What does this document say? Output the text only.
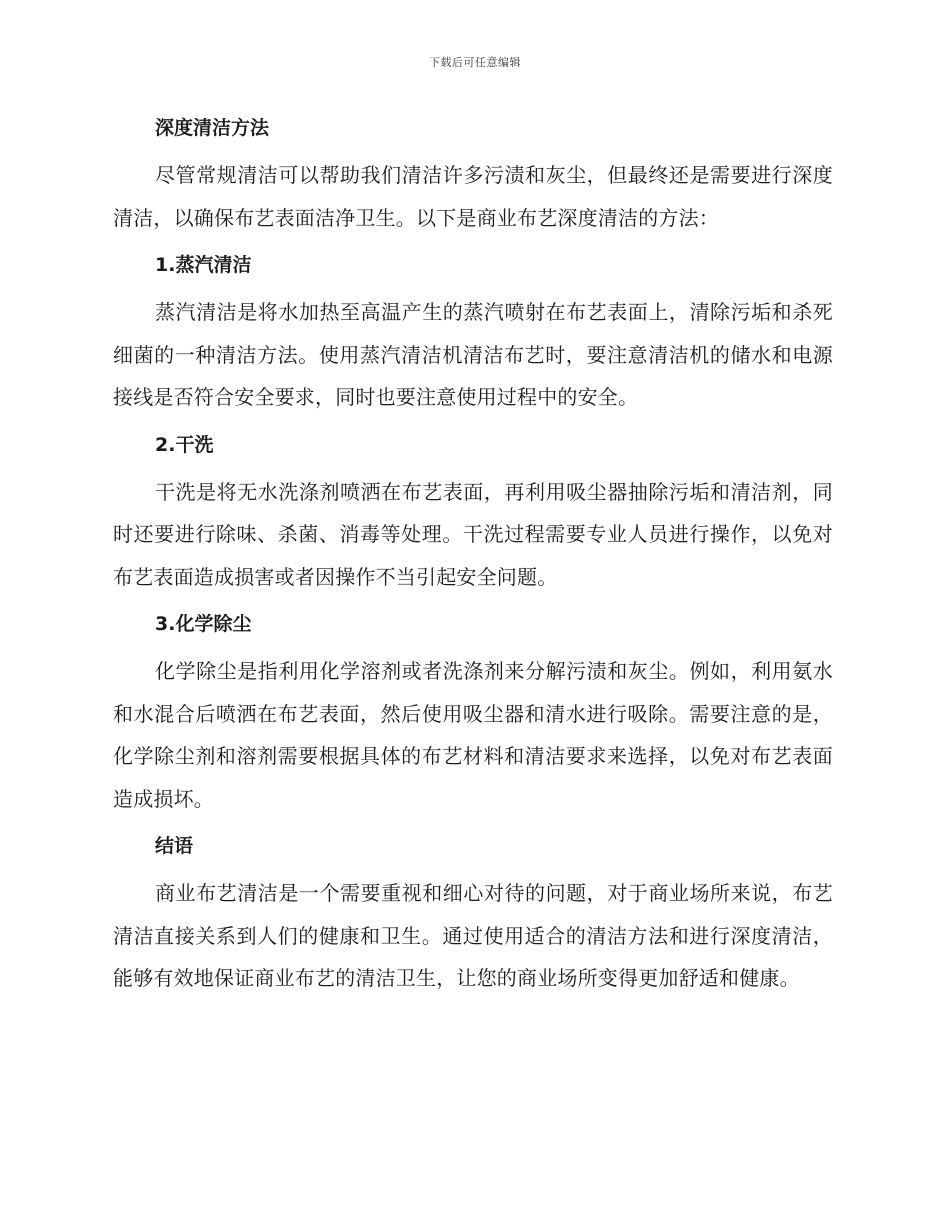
下载后可任意编辑
深度清洁方法

尽管常规清洁可以帮助我们清洁许多污渍和灰尘，但最终还是需要进行深度清洁，以确保布艺表面洁净卫生。以下是商业布艺深度清洁的方法：

1.蒸汽清洁

蒸汽清洁是将水加热至高温产生的蒸汽喷射在布艺表面上，清除污垢和杀死细菌的一种清洁方法。使用蒸汽清洁机清洁布艺时，要注意清洁机的储水和电源接线是否符合安全要求，同时也要注意使用过程中的安全。

2.干洗

干洗是将无水洗涤剂喷洒在布艺表面，再利用吸尘器抽除污垢和清洁剂，同时还要进行除味、杀菌、消毒等处理。干洗过程需要专业人员进行操作，以免对布艺表面造成损害或者因操作不当引起安全问题。

3.化学除尘

化学除尘是指利用化学溶剂或者洗涤剂来分解污渍和灰尘。例如，利用氨水和水混合后喷洒在布艺表面，然后使用吸尘器和清水进行吸除。需要注意的是，化学除尘剂和溶剂需要根据具体的布艺材料和清洁要求来选择，以免对布艺表面造成损坏。

结语

商业布艺清洁是一个需要重视和细心对待的问题，对于商业场所来说，布艺清洁直接关系到人们的健康和卫生。通过使用适合的清洁方法和进行深度清洁，能够有效地保证商业布艺的清洁卫生，让您的商业场所变得更加舒适和健康。
